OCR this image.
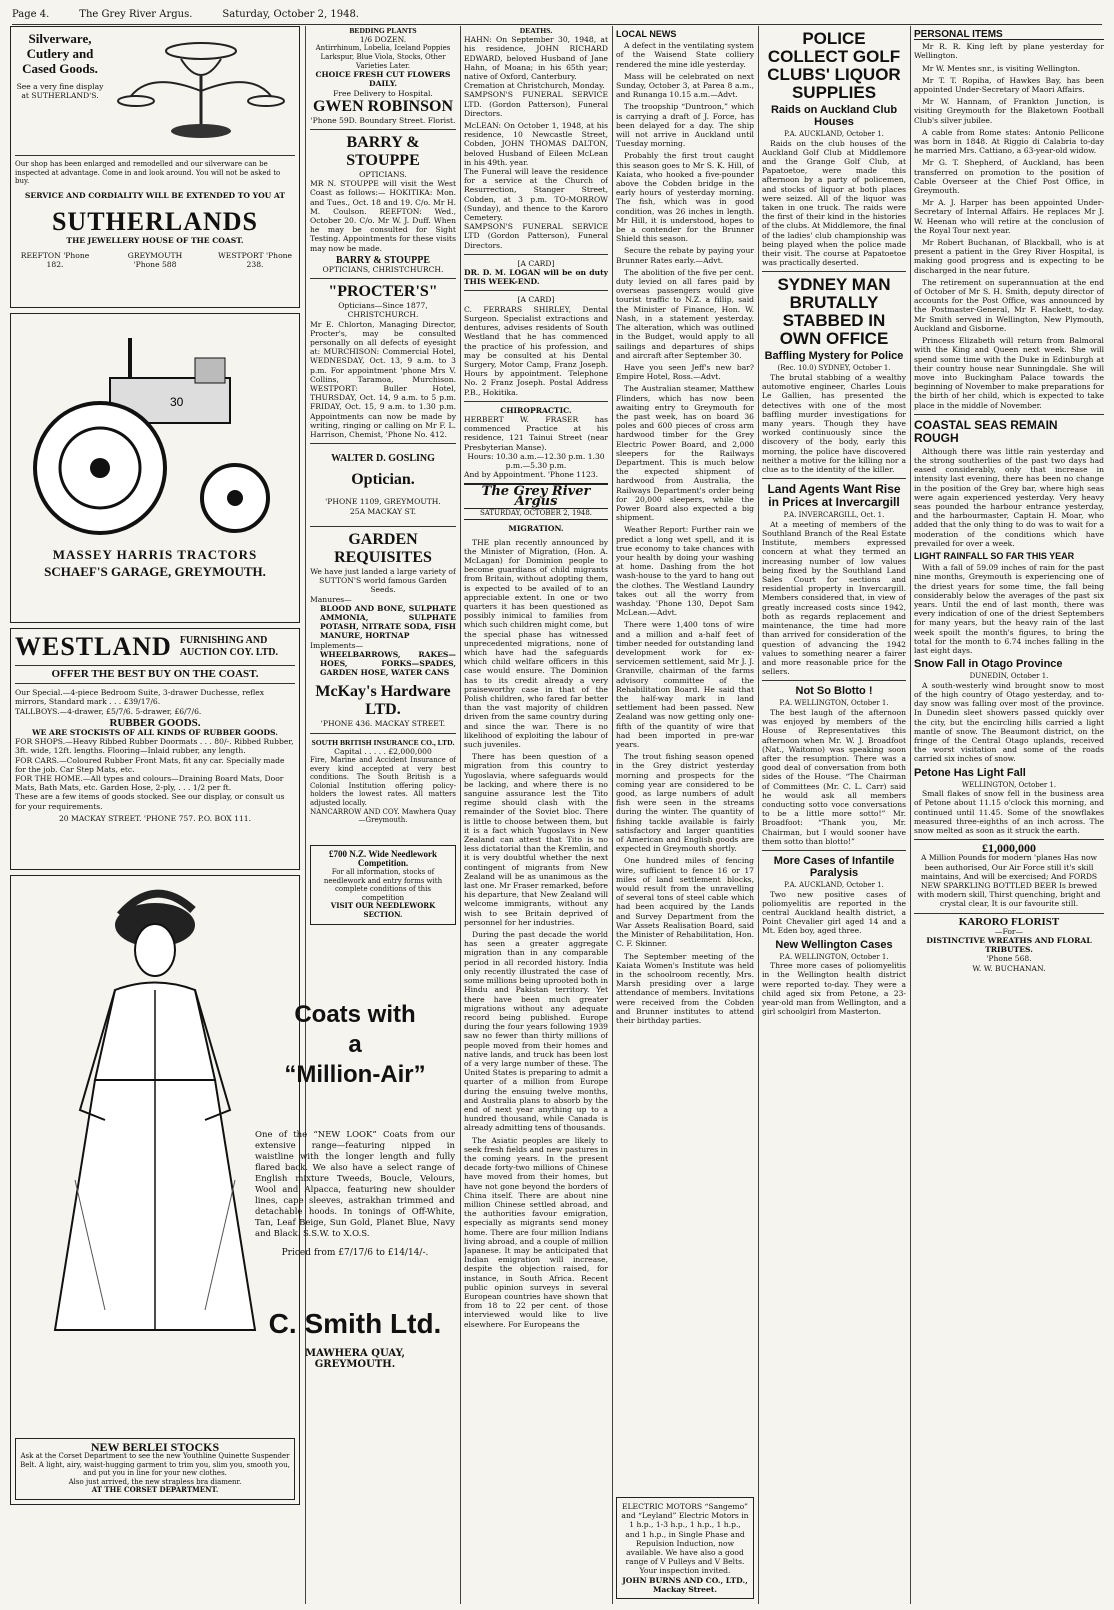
Page 4.	The Grey River Argus.	Saturday, October 2, 1948.
Silverware, Cutlery and Cased Goods.
See a very fine display at SUTHERLAND'S.
Our shop has been enlarged and remodelled and our silverware can be inspected at advantage. Come in and look around. You will not be asked to buy.
SERVICE AND CORDIALITY WILL BE EXTENDED TO YOU AT
SUTHERLANDS
THE JEWELLERY HOUSE OF THE COAST.
REEFTON 'Phone 182.
GREYMOUTH 'Phone 588
WESTPORT 'Phone 238.
30
MASSEY HARRIS TRACTORS
SCHAEF'S GARAGE, GREYMOUTH.
WESTLAND FURNISHING AND AUCTION COY. LTD.
OFFER THE BEST BUY ON THE COAST.
Our Special.—4-piece Bedroom Suite, 3-drawer Duchesse, reflex mirrors, Standard mark . . . £39/17/6.
TALLBOYS.—4-drawer, £5/7/6. 5-drawer, £6/7/6.
RUBBER GOODS.
WE ARE STOCKISTS OF ALL KINDS OF RUBBER GOODS.
FOR SHOPS.—Heavy Ribbed Rubber Doormats . . . 80/-. Ribbed Rubber, 3ft. wide, 12ft. lengths. Flooring—Inlaid rubber, any length.
FOR CARS.—Coloured Rubber Front Mats, fit any car. Specially made for the job. Car Step Mats, etc.
FOR THE HOME.—All types and colours—Draining Board Mats, Door Mats, Bath Mats, etc. Garden Hose, 2-ply, . . . 1/2 per ft.
These are a few items of goods stocked. See our display, or consult us for your requirements.
20 MACKAY STREET. 'PHONE 757. P.O. BOX 111.
NEW BERLEI STOCKS
Ask at the Corset Department to see the new Youthline Quinette Suspender Belt. A light, airy, waist-hugging garment to trim you, slim you, smooth you, and put you in line for your new clothes.
Also just arrived, the new strapless bra diamenr.
AT THE CORSET DEPARTMENT.
BEDDING PLANTS
1/6 DOZEN.
Antirrhinum, Lobelia, Iceland Poppies Larkspur, Blue Viola, Stocks, Other Varieties Later.
CHOICE FRESH CUT FLOWERS DAILY.
Free Delivery to Hospital.
GWEN ROBINSON
'Phone 59D. Boundary Street. Florist.
BARRY & STOUPPE
OPTICIANS.
MR N. STOUPPE will visit the West Coast as follows:— HOKITIKA: Mon. and Tues., Oct. 18 and 19. C/o. Mr H. M. Coulson. REEFTON: Wed., October 20. C/o. Mr W. J. Duff. When he may be consulted for Sight Testing. Appointments for these visits may now be made.
BARRY & STOUPPE
OPTICIANS, CHRISTCHURCH.
"PROCTER'S"
Opticians—Since 1877, CHRISTCHURCH.
Mr E. Chlorton, Managing Director, Procter's, may be consulted personally on all defects of eyesight at: MURCHISON: Commercial Hotel, WEDNESDAY, Oct. 13, 9 a.m. to 3 p.m. For appointment 'phone Mrs V. Collins, Taramoa, Murchison. WESTPORT: Buller Hotel, THURSDAY, Oct. 14, 9 a.m. to 5 p.m. FRIDAY, Oct. 15, 9 a.m. to 1.30 p.m. Appointments can now be made by writing, ringing or calling on Mr F. L. Harrison, Chemist, 'Phone No. 412.
WALTER D. GOSLING
Optician.
'PHONE 1109, GREYMOUTH.
25A MACKAY ST.
GARDEN REQUISITES
We have just landed a large variety of SUTTON'S world famous Garden Seeds.
Manures—
BLOOD AND BONE, SULPHATE AMMONIA, SULPHATE POTASH, NITRATE SODA, FISH MANURE, HORTNAP
Implements—
WHEELBARROWS, RAKES—HOES, FORKS—SPADES, GARDEN HOSE, WATER CANS
McKay's Hardware LTD.
'PHONE 436. MACKAY STREET.
SOUTH BRITISH INSURANCE CO., LTD.
Capital . . . . . £2,000,000
Fire, Marine and Accident Insurance of every kind accepted at very best conditions. The South British is a Colonial Institution offering policy-holders the lowest rates. All matters adjusted locally.
NANCARROW AND COY. Mawhera Quay—Greymouth.
£700 N.Z. Wide Needlework Competition.
For all information, stocks of needlework and entry forms with complete conditions of this competition
VISIT OUR NEEDLEWORK SECTION.
Coats with
a
“Million-Air”
One of the “NEW LOOK” Coats from our extensive range—featuring nipped in waistline with the longer length and fully flared back. We also have a select range of English mixture Tweeds, Boucle, Velours, Wool and Alpacca, featuring new shoulder lines, cape sleeves, astrakhan trimmed and detachable hoods. In tonings of Off-White, Tan, Leaf Beige, Sun Gold, Planet Blue, Navy and Black. S.S.W. to X.O.S.
Priced from £7/17/6 to £14/14/-.
C. Smith Ltd.
MAWHERA QUAY,
GREYMOUTH.
DEATHS.
HAHN: On September 30, 1948, at his residence, JOHN RICHARD EDWARD, beloved Husband of Jane Hahn, of Moana; in his 65th year; native of Oxford, Canterbury.
Cremation at Christchurch, Monday.
SAMPSON'S FUNERAL SERVICE LTD. (Gordon Patterson), Funeral Directors.
McLEAN: On October 1, 1948, at his residence, 10 Newcastle Street, Cobden, JOHN THOMAS DALTON, beloved Husband of Eileen McLean in his 49th. year.
The Funeral will leave the residence for a service at the Church of Resurrection, Stanger Street, Cobden, at 3 p.m. TO-MORROW (Sunday), and thence to the Karoro Cemetery.
SAMPSON'S FUNERAL SERVICE LTD (Gordon Patterson), Funeral Directors.
[A CARD]
DR. D. M. LOGAN will be on duty THIS WEEK-END.
[A CARD]
C. FERRARS SHIRLEY, Dental Surgeon. Specialist extractions and dentures, advises residents of South Westland that he has commenced the practice of his profession, and may be consulted at his Dental Surgery, Motor Camp, Franz Joseph. Hours by appointment. Telephone No. 2 Franz Joseph. Postal Address P.B., Hokitika.
CHIROPRACTIC.
HERBERT W. FRASER has commenced Practice at his residence, 121 Tainui Street (near Presbyterian Manse).
Hours: 10.30 a.m.—12.30 p.m. 1.30 p.m.—5.30 p.m.
And by Appointment. 'Phone 1123.
The Grey River Argus
SATURDAY, OCTOBER 2, 1948.
MIGRATION.

THE plan recently announced by the Minister of Migration, (Hon. A. McLagan) for Dominion people to become guardians of child migrants from Britain, without adopting them, is expected to be availed of to an appreciable extent. In one or two quarters it has been questioned as possibly inimical to families from which such children might come, but the special phase has witnessed unprecedented migrations, none of which have had the safeguards which child welfare officers in this case would ensure. The Dominion has to its credit already a very praiseworthy case in that of the Polish children, who fared far better than the vast majority of children driven from the same country during and since the war. There is no likelihood of exploiting the labour of such juveniles.

There has been question of a migration from this country to Yugoslavia, where safeguards would be lacking, and where there is no sanguine assurance lest the Tito regime should clash with the remainder of the Soviet bloc. There is little to choose between them, but it is a fact which Yugoslavs in New Zealand can attest that Tito is no less dictatorial than the Kremlin, and it is very doubtful whether the next contingent of migrants from New Zealand will be as unanimous as the last one. Mr Fraser remarked, before his departure, that New Zealand will welcome immigrants, without any wish to see Britain deprived of personnel for her industries.

During the past decade the world has seen a greater aggregate migration than in any comparable period in all recorded history. India only recently illustrated the case of some millions being uprooted both in Hindu and Pakistan territory. Yet there have been much greater migrations without any adequate record being published. Europe during the four years following 1939 saw no fewer than thirty millions of people moved from their homes and native lands, and truck has been lost of a very large number of these. The United States is preparing to admit a quarter of a million from Europe during the ensuing twelve months, and Australia plans to absorb by the end of next year anything up to a hundred thousand, while Canada is already admitting tens of thousands.

The Asiatic peoples are likely to seek fresh fields and new pastures in the coming years. In the present decade forty-two millions of Chinese have moved from their homes, but have not gone beyond the borders of China itself. There are about nine million Chinese settled abroad, and the authorities favour emigration, especially as migrants send money home. There are four million Indians living abroad, and a couple of million Japanese. It may be anticipated that Indian emigration will increase, despite the objection raised, for instance, in South Africa. Recent public opinion surveys in several European countries have shown that from 18 to 22 per cent. of those interviewed would like to live elsewhere. For Europeans the

LOCAL NEWS

A defect in the ventilating system of the Waisend State colliery rendered the mine idle yesterday.

Mass will be celebrated on next Sunday, October 3, at Parea 8 a.m., and Runanga 10.15 a.m.—Advt.

The troopship “Duntroon,” which is carrying a draft of J. Force, has been delayed for a day. The ship will not arrive in Auckland until Tuesday morning.

Probably the first trout caught this season goes to Mr S. K. Hill, of Kaiata, who hooked a five-pounder above the Cobden bridge in the early hours of yesterday morning. The fish, which was in good condition, was 26 inches in length. Mr Hill, it is understood, hopes to be a contender for the Brunner Shield this season.

Secure the rebate by paying your Brunner Rates early.—Advt.

The abolition of the five per cent. duty levied on all fares paid by overseas passengers would give tourist traffic to N.Z. a fillip, said the Minister of Finance, Hon. W. Nash, in a statement yesterday. The alteration, which was outlined in the Budget, would apply to all sailings and departures of ships and aircraft after September 30.

Have you seen Jeff's new bar? Empire Hotel, Ross.—Advt.

The Australian steamer, Matthew Flinders, which has now been awaiting entry to Greymouth for the past week, has on board 36 poles and 600 pieces of cross arm hardwood timber for the Grey Electric Power Board, and 2,000 sleepers for the Railways Department. This is much below the expected shipment of hardwood from Australia, the Railways Department's order being for 20,000 sleepers, while the Power Board also expected a big shipment.

Weather Report: Further rain we predict a long wet spell, and it is true economy to take chances with your health by doing your washing at home. Dashing from the hot wash-house to the yard to hang out the clothes. The Westland Laundry takes out all the worry from washday. 'Phone 130, Depot Sam McLean.—Advt.

There were 1,400 tons of wire and a million and a-half feet of timber needed for outstanding land development work for ex-servicemen settlement, said Mr J. J. Granville, chairman of the farms advisory committee of the Rehabilitation Board. He said that the half-way mark in land settlement had been passed. New Zealand was now getting only one-fifth of the quantity of wire that had been imported in pre-war years.

The trout fishing season opened in the Grey district yesterday morning and prospects for the coming year are considered to be good, as large numbers of adult fish were seen in the streams during the winter. The quantity of fishing tackle available is fairly satisfactory and larger quantities of American and English goods are expected in Greymouth shortly.

One hundred miles of fencing wire, sufficient to fence 16 or 17 miles of land settlement blocks, would result from the unravelling of several tons of steel cable which had been acquired by the Lands and Survey Department from the War Assets Realisation Board, said the Minister of Rehabilitation, Hon. C. F. Skinner.

The September meeting of the Kaiata Women's Institute was held in the schoolroom recently, Mrs. Marsh presiding over a large attendance of members. Invitations were received from the Cobden and Brunner institutes to attend their birthday parties.

ELECTRIC MOTORS “Sangemo” and “Leyland” Electric Motors in 1 h.p., 1-3 h.p., 1 h.p., 1 h.p., and 1 h.p., in Single Phase and Repulsion Induction, now available. We have also a good range of V Pulleys and V Belts. Your inspection invited.
JOHN BURNS AND CO., LTD., Mackay Street.
POLICE COLLECT GOLF CLUBS' LIQUOR SUPPLIES
Raids on Auckland Club Houses
P.A. AUCKLAND, October 1.

Raids on the club houses of the Auckland Golf Club at Middlemore and the Grange Golf Club, at Papatoetoe, were made this afternoon by a party of policemen, and stocks of liquor at both places were seized. All of the liquor was taken in one truck. The raids were the first of their kind in the histories of the clubs. At Middlemore, the final of the ladies' club championship was being played when the police made their visit. The course at Papatoetoe was practically deserted.

SYDNEY MAN BRUTALLY STABBED IN OWN OFFICE
Baffling Mystery for Police
(Rec. 10.0) SYDNEY, October 1.

The brutal stabbing of a wealthy automotive engineer, Charles Louis Le Gallien, has presented the detectives with one of the most baffling murder investigations for many years. Though they have worked continuously since the discovery of the body, early this morning, the police have discovered neither a motive for the killing nor a clue as to the identity of the killer.

Land Agents Want Rise in Prices at Invercargill
P.A. INVERCARGILL, Oct. 1.

At a meeting of members of the Southland Branch of the Real Estate Institute, members expressed concern at what they termed an increasing number of low values being fixed by the Southland Land Sales Court for sections and residential property in Invercargill. Members considered that, in view of greatly increased costs since 1942, both as regards replacement and maintenance, the time had more than arrived for consideration of the question of advancing the 1942 values to something nearer a fairer and more reasonable price for the sellers.

Not So Blotto !
P.A. WELLINGTON, October 1.

The best laugh of the afternoon was enjoyed by members of the House of Representatives this afternoon when Mr. W. J. Broadfoot (Nat., Waitomo) was speaking soon after the resumption. There was a good deal of conversation from both sides of the House. “The Chairman of Committees (Mr. C. L. Carr) said he would ask all members conducting sotto voce conversations to be a little more sotto!” Mr. Broadfoot: “Thank you, Mr. Chairman, but I would sooner have them sotto than blotto!”

More Cases of Infantile Paralysis
P.A. AUCKLAND, October 1.

Two new positive cases of poliomyelitis are reported in the central Auckland health district, a Point Chevalier girl aged 14 and a Mt. Eden boy, aged three.

New Wellington Cases
P.A. WELLINGTON, October 1.

Three more cases of poliomyelitis in the Wellington health district were reported to-day. They were a child aged six from Petone, a 23-year-old man from Wellington, and a girl schoolgirl from Masterton.

PERSONAL ITEMS

Mr R. R. King left by plane yesterday for Wellington.

Mr W. Mentes snr., is visiting Wellington.

Mr T. T. Ropiha, of Hawkes Bay, has been appointed Under-Secretary of Maori Affairs.

Mr W. Hannam, of Frankton Junction, is visiting Greymouth for the Blaketown Football Club's silver jubilee.

A cable from Rome states: Antonio Pellicone was born in 1848. At Riggio di Calabria to-day he married Mrs. Cattiano, a 63-year-old widow.

Mr G. T. Shepherd, of Auckland, has been transferred on promotion to the position of Cable Overseer at the Chief Post Office, in Greymouth.

Mr A. J. Harper has been appointed Under-Secretary of Internal Affairs. He replaces Mr J. W. Heenan who will retire at the conclusion of the Royal Tour next year.

Mr Robert Buchanan, of Blackball, who is at present a patient in the Grey River Hospital, is making good progress and is expecting to be discharged in the near future.

The retirement on superannuation at the end of October of Mr S. H. Smith, deputy director of accounts for the Post Office, was announced by the Postmaster-General, Mr F. Hackett, to-day. Mr Smith served in Wellington, New Plymouth, Auckland and Gisborne.

Princess Elizabeth will return from Balmoral with the King and Queen next week. She will spend some time with the Duke in Edinburgh at their country house near Sunningdale. She will move into Buckingham Palace towards the beginning of November to make preparations for the birth of her child, which is expected to take place in the middle of November.

COASTAL SEAS REMAIN ROUGH

Although there was little rain yesterday and the strong southerlies of the past two days had eased considerably, only that increase in intensity last evening, there has been no change in the position of the Grey bar, where high seas were again experienced yesterday. Very heavy seas pounded the harbour entrance yesterday, and the harbourmaster, Captain H. Moar, who added that the only thing to do was to wait for a moderation of the conditions which have prevailed for over a week.

LIGHT RAINFALL SO FAR THIS YEAR

With a fall of 59.09 inches of rain for the past nine months, Greymouth is experiencing one of the driest years for some time, the fall being considerably below the averages of the past six years. Until the end of last month, there was every indication of one of the driest Septembers for many years, but the heavy rain of the last week spoilt the month's figures, to bring the total for the month to 6.74 inches falling in the last eight days.

Snow Fall in Otago Province
DUNEDIN, October 1.

A south-westerly wind brought snow to most of the high country of Otago yesterday, and to-day snow was falling over most of the province. In Dunedin sleet showers passed quickly over the city, but the encircling hills carried a light mantle of snow. The Beaumont district, on the fringe of the Central Otago uplands, received the worst visitation and some of the roads carried six inches of snow.

Petone Has Light Fall
WELLINGTON, October 1.

Small flakes of snow fell in the business area of Petone about 11.15 o'clock this morning, and continued until 11.45. Some of the snowflakes measured three-eighths of an inch across. The snow melted as soon as it struck the earth.

£1,000,000
A Million Pounds for modern 'planes Has now been authorised, Our Air Force still it's skill maintains, And will be exercised; And FORDS NEW SPARKLING BOTTLED BEER Is brewed with modern skill, Thirst quenching, bright and crystal clear, It is our favourite still.
KARORO FLORIST
—For—
DISTINCTIVE WREATHS AND FLORAL TRIBUTES.
'Phone 568.
W. W. BUCHANAN.
